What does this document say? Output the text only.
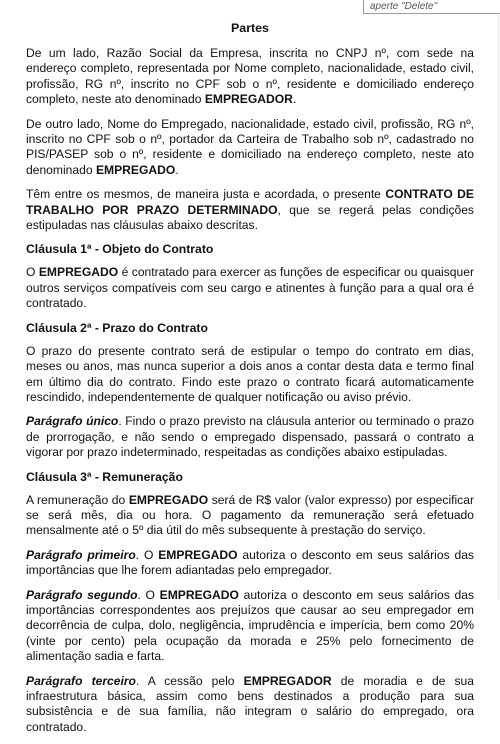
aperte "Delete"
Partes

De um lado, Razão Social da Empresa, inscrita no CNPJ nº, com sede na endereço completo, representada por Nome completo, nacionalidade, estado civil, profissão, RG nº, inscrito no CPF sob o nº, residente e domiciliado endereço completo, neste ato denominado EMPREGADOR.

De outro lado, Nome do Empregado, nacionalidade, estado civil, profissão, RG nº, inscrito no CPF sob o nº, portador da Carteira de Trabalho sob nº, cadastrado no PIS/PASEP sob o nº, residente e domiciliado na endereço completo, neste ato denominado EMPREGADO.

Têm entre os mesmos, de maneira justa e acordada, o presente CONTRATO DE TRABALHO POR PRAZO DETERMINADO, que se regerá pelas condições estipuladas nas cláusulas abaixo descritas.

Cláusula 1ª - Objeto do Contrato

O EMPREGADO é contratado para exercer as funções de especificar ou quaisquer outros serviços compatíveis com seu cargo e atinentes à função para a qual ora é contratado.

Cláusula 2ª - Prazo do Contrato

O prazo do presente contrato será de estipular o tempo do contrato em dias, meses ou anos, mas nunca superior a dois anos a contar desta data e termo final em último dia do contrato. Findo este prazo o contrato ficará automaticamente rescindido, independentemente de qualquer notificação ou aviso prévio.

Parágrafo único. Findo o prazo previsto na cláusula anterior ou terminado o prazo de prorrogação, e não sendo o empregado dispensado, passará o contrato a vigorar por prazo indeterminado, respeitadas as condições abaixo estipuladas.

Cláusula 3ª - Remuneração

A remuneração do EMPREGADO será de R$ valor (valor expresso) por especificar se será mês, dia ou hora. O pagamento da remuneração será efetuado mensalmente até o 5º dia útil do mês subsequente à prestação do serviço.

Parágrafo primeiro. O EMPREGADO autoriza o desconto em seus salários das importâncias que lhe forem adiantadas pelo empregador.

Parágrafo segundo. O EMPREGADO autoriza o desconto em seus salários das importâncias correspondentes aos prejuízos que causar ao seu empregador em decorrência de culpa, dolo, negligência, imprudência e imperícia, bem como 20% (vinte por cento) pela ocupação da morada e 25% pelo fornecimento de alimentação sadia e farta.

Parágrafo terceiro. A cessão pelo EMPREGADOR de moradia e de sua infraestrutura básica, assim como bens destinados a produção para sua subsistência e de sua família, não integram o salário do empregado, ora contratado.
